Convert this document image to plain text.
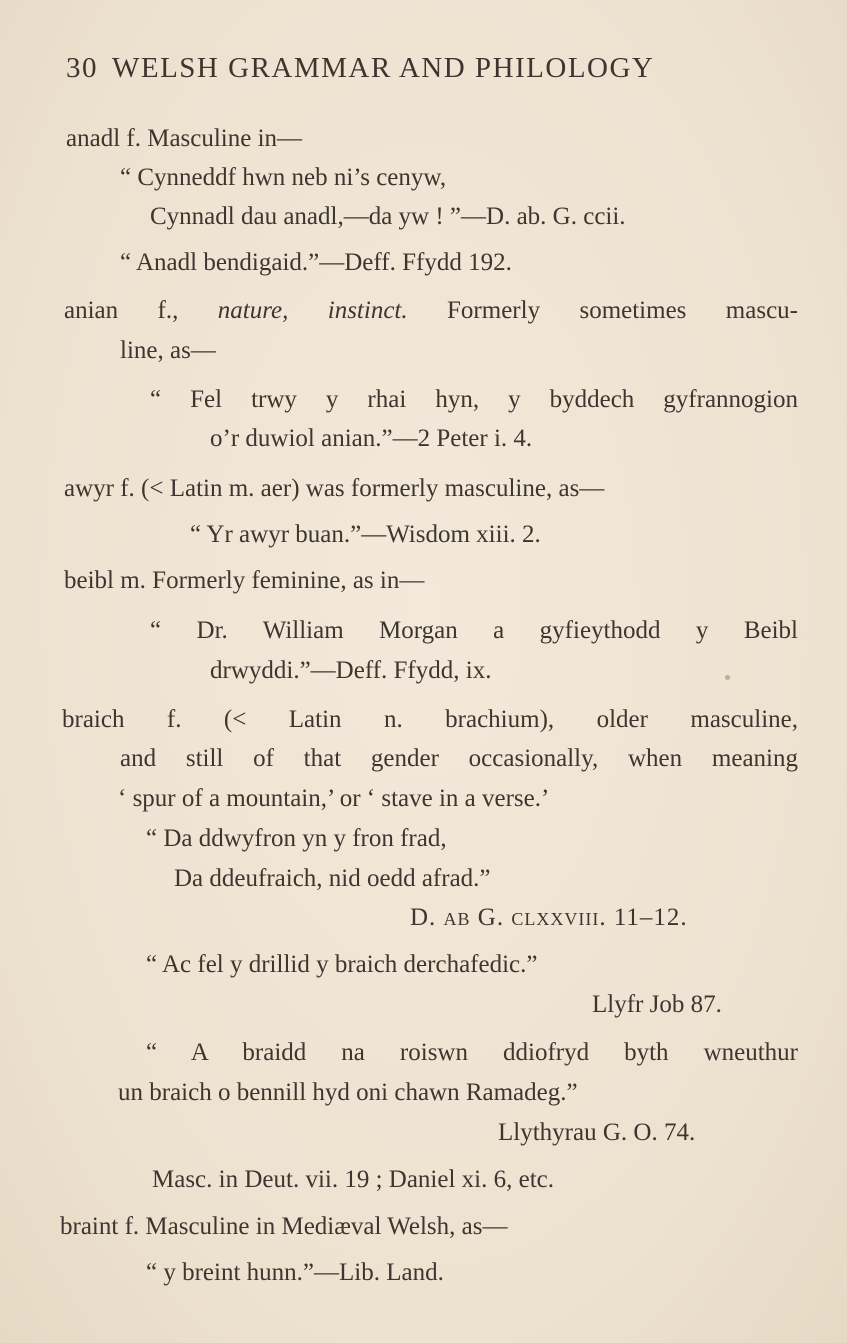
30 WELSH GRAMMAR AND PHILOLOGY
anadl f. Masculine in—
“ Cynneddf hwn neb ni’s cenyw,
Cynnadl dau anadl,—da yw ! ”—D. ab. G. ccii.
“ Anadl bendigaid.”—Deff. Ffydd 192.
anian f., nature, instinct. Formerly sometimes mascu-
line, as—
“ Fel trwy y rhai hyn, y byddech gyfrannogion
o’r duwiol anian.”—2 Peter i. 4.
awyr f. (< Latin m. aer) was formerly masculine, as—
“ Yr awyr buan.”—Wisdom xiii. 2.
beibl m. Formerly feminine, as in—
“ Dr. William Morgan a gyfieythodd y Beibl
drwyddi.”—Deff. Ffydd, ix.
braich f. (< Latin n. brachium), older masculine,
and still of that gender occasionally, when meaning
‘ spur of a mountain,’ or ‘ stave in a verse.’
“ Da ddwyfron yn y fron frad,
Da ddeufraich, nid oedd afrad.”
D. ab G. clxxviii. 11–12.
“ Ac fel y drillid y braich derchafedic.”
Llyfr Job 87.
“ A braidd na roiswn ddiofryd byth wneuthur
un braich o bennill hyd oni chawn Ramadeg.”
Llythyrau G. O. 74.
Masc. in Deut. vii. 19 ; Daniel xi. 6, etc.
braint f. Masculine in Mediæval Welsh, as—
“ y breint hunn.”—Lib. Land.
